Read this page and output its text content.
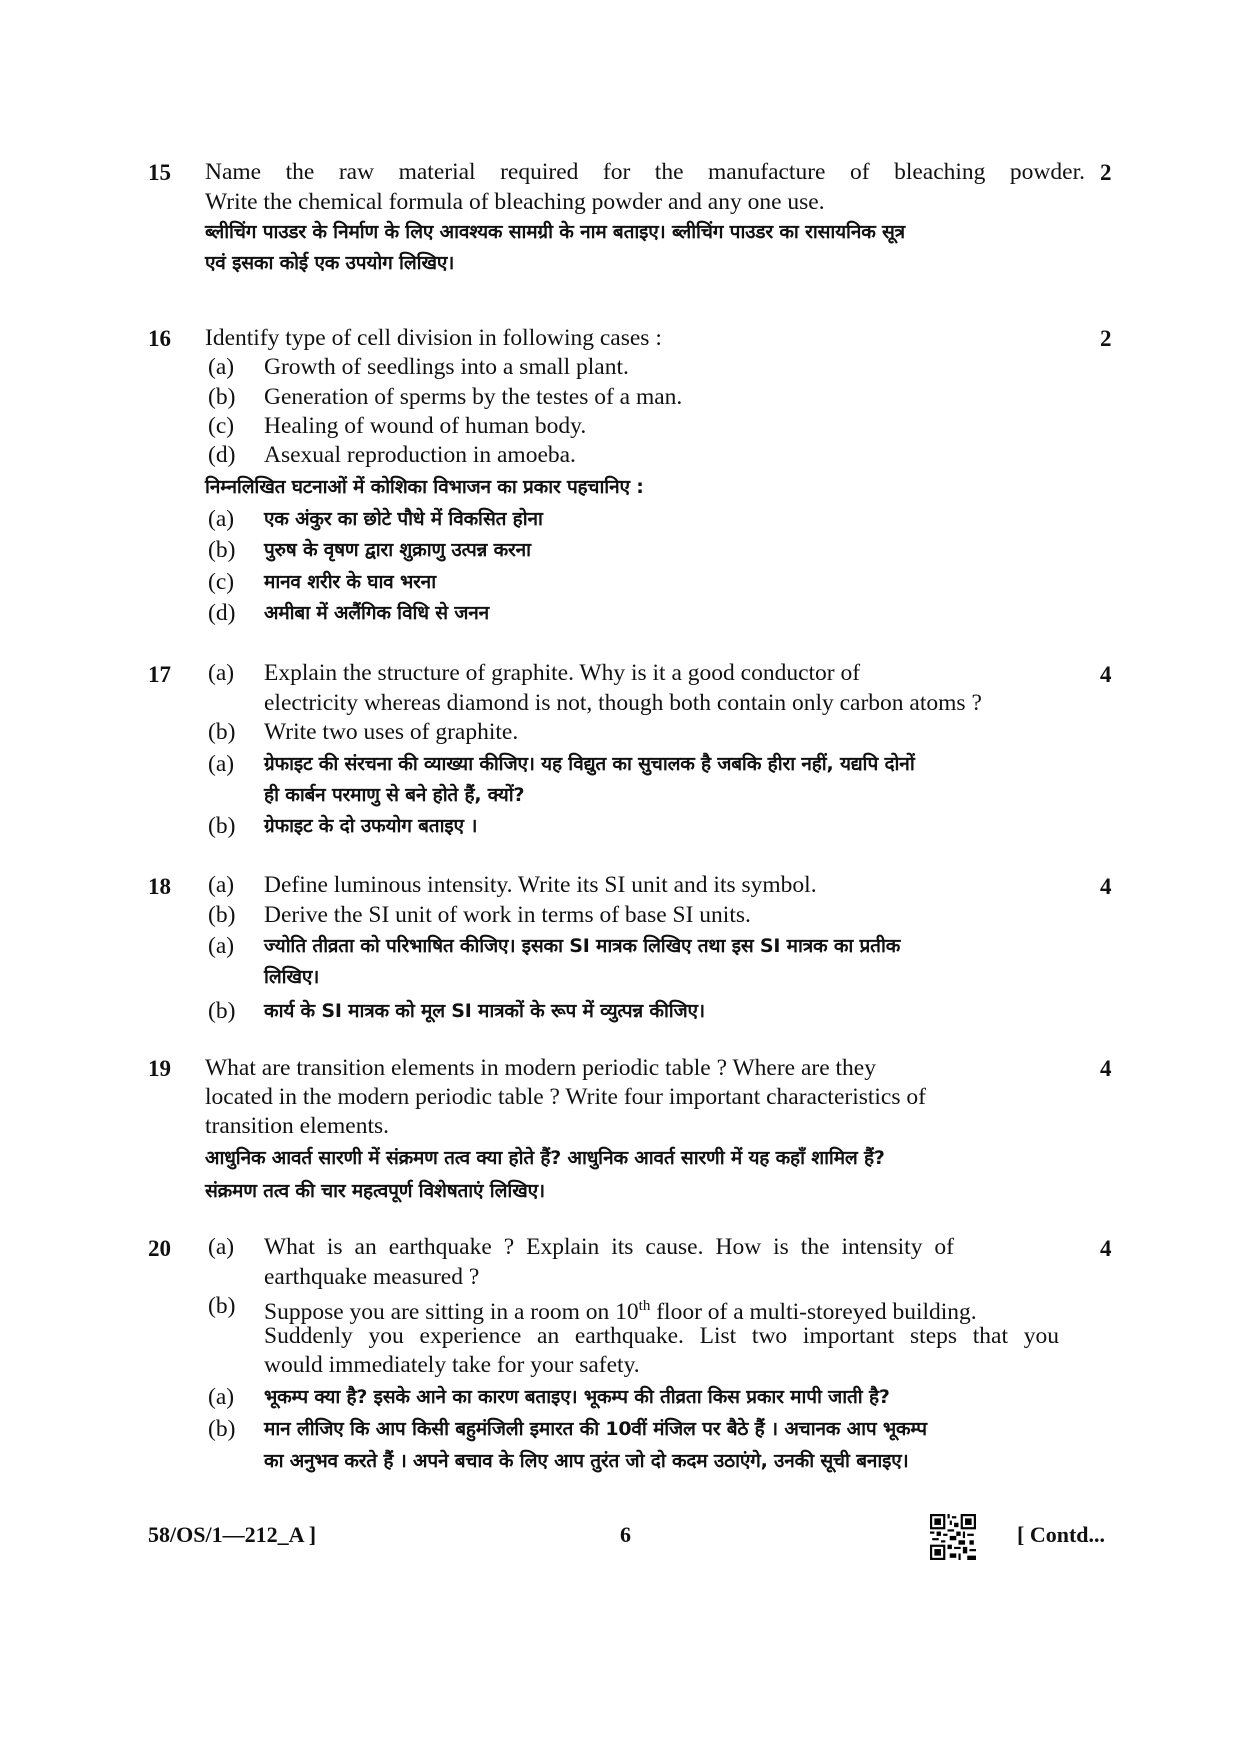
15	2
Name the raw material required for the manufacture of bleaching powder.
Write the chemical formula of bleaching powder and any one use.
ब्लीचिंग पाउडर के निर्माण के लिए आवश्यक सामग्री के नाम बताइए। ब्लीचिंग पाउडर का रासायनिक सूत्र
एवं इसका कोई एक उपयोग लिखिए।
16	2
Identify type of cell division in following cases :
(a) Growth of seedlings into a small plant.
(b) Generation of sperms by the testes of a man.
(c) Healing of wound of human body.
(d) Asexual reproduction in amoeba.
निम्नलिखित घटनाओं में कोशिका विभाजन का प्रकार पहचानिए :
(a) एक अंकुर का छोटे पौधे में विकसित होना
(b) पुरुष के वृषण द्वारा शुक्राणु उत्पन्न करना
(c) मानव शरीर के घाव भरना
(d) अमीबा में अलैंगिक विधि से जनन
17	4
(a) Explain the structure of graphite. Why is it a good conductor of
electricity whereas diamond is not, though both contain only carbon atoms ?
(b) Write two uses of graphite.
(a) ग्रेफाइट की संरचना की व्याख्या कीजिए। यह विद्युत का सुचालक है जबकि हीरा नहीं, यद्यपि दोनों
ही कार्बन परमाणु से बने होते हैं, क्यों?
(b) ग्रेफाइट के दो उफयोग बताइए ।
18	4
(a) Define luminous intensity. Write its SI unit and its symbol.
(b) Derive the SI unit of work in terms of base SI units.
(a) ज्योति तीव्रता को परिभाषित कीजिए। इसका SI मात्रक लिखिए तथा इस SI मात्रक का प्रतीक
लिखिए।
(b) कार्य के SI मात्रक को मूल SI मात्रकों के रूप में व्युत्पन्न कीजिए।
19	4
What are transition elements in modern periodic table ? Where are they
located in the modern periodic table ? Write four important characteristics of
transition elements.
आधुनिक आवर्त सारणी में संक्रमण तत्व क्या होते हैं? आधुनिक आवर्त सारणी में यह कहाँ शामिल हैं?
संक्रमण तत्व की चार महत्वपूर्ण विशेषताएं लिखिए।
20	4
(a) What is an earthquake ? Explain its cause. How is the intensity of
earthquake measured ?
(b) Suppose you are sitting in a room on 10th floor of a multi-storeyed building.
Suddenly you experience an earthquake. List two important steps that you
would immediately take for your safety.
(a) भूकम्प क्या है? इसके आने का कारण बताइए। भूकम्प की तीव्रता किस प्रकार मापी जाती है?
(b) मान लीजिए कि आप किसी बहुमंजिली इमारत की 10वीं मंजिल पर बैठे हैं । अचानक आप भूकम्प
का अनुभव करते हैं । अपने बचाव के लिए आप तुरंत जो दो कदम उठाएंगे, उनकी सूची बनाइए।
58/OS/1—212_A ]	6	[ Contd...
